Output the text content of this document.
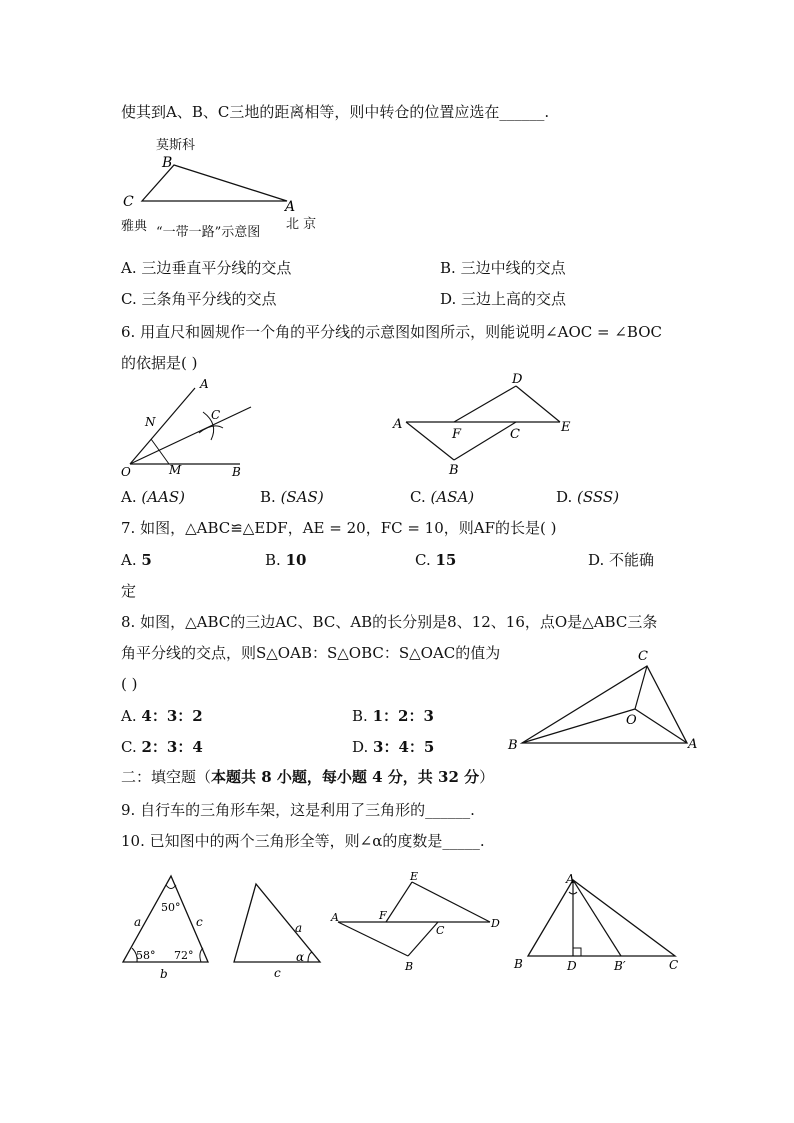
使其到A、B、C三地的距离相等，则中转仓的位置应选在______.
莫斯科
B
C	A
雅典 “一带一路”示意图
北 京
A. 三边垂直平分线的交点	B. 三边中线的交点
C. 三条角平分线的交点	D. 三边上高的交点
6. 用直尺和圆规作一个角的平分线的示意图如图所示，则能说明∠AOC = ∠BOC
的依据是( )
A
N	C
O	M	B
D
A
F	C	E
B
A. (AAS)	B. (SAS)	C. (ASA)	D. (SSS)
7. 如图，△ABC≌△EDF，AE = 20，FC = 10，则AF的长是( )
A. 5	B. 10	C. 15	D. 不能确
定
8. 如图，△ABC的三边AC、BC、AB的长分别是8、12、16，点O是△ABC三条
角平分线的交点，则S△OAB：S△OBC：S△OAC的值为
( )
C
O
B	A
A. 4：3：2	B. 1：2：3
C. 2：3：4	D. 3：4：5
二：填空题（本题共 8 小题，每小题 4 分，共 32 分）
9. 自行车的三角形车架，这是利用了三角形的______.
10. 已知图中的两个三角形全等，则∠α的度数是_____.
50°
58° 72°
a	c
b
a
c
α
E
A	F
C
D
B
A
B	D	B′	C
